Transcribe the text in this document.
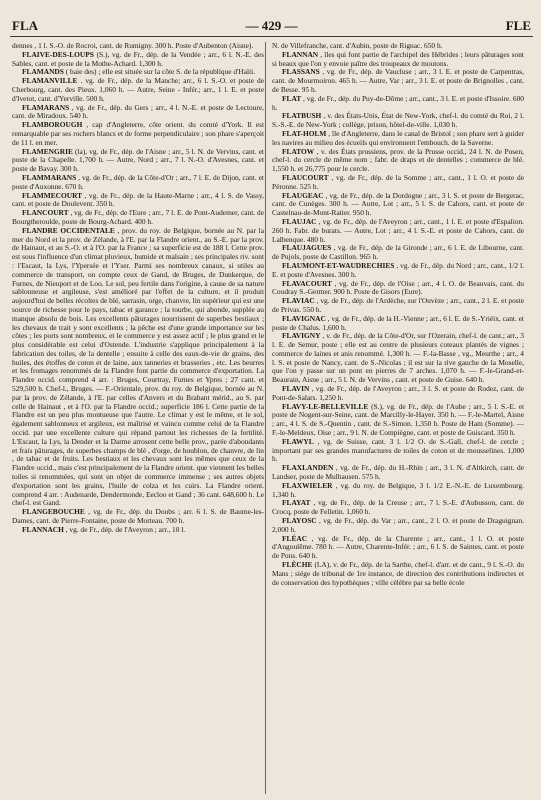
FLA	— 429 —	FLE

dennes , 1 l. S.-O. de Rocroi, cant. de Rumigny. 300 h. Poste d'Aubenton (Aisne).

FLAIVE-DES-LOUPS (S.), vg. de Fr., dép. de la Vendée ; arr., 6 l. N.-E. des Sables, cant. et poste de la Mothe-Achard. 1,300 h.

FLAMANDS ( baie des) ; elle est située sur la côte S. de la république d'Haïti.

FLAMANVILLE . vg. de Fr., dép. de la Manche; arr., 6 l. S.-O. et poste de Cherbourg, cant. des Pieux. 1,060 h. — Autre, Seine - Infér.; arr., 1 l. E. et poste d'Ivetot, cant. d'Yerville. 500 h.

FLAMARANS , vg. de Fr., dép. du Gers ; arr., 4 l. N.-E. et poste de Lectoure, cant. de Miradoux. 540 h.

FLAMBOROUGH , cap d'Angleterre, côte orient. du comté d'York. Il est remarquable par ses rochers blancs et de forme perpendiculaire ; son phare s'aperçoit de 11 l. en mer.

FLAMENGRIE (la), vg. de Fr., dép. de l'Aisne ; arr., 5 l. N. de Vervins, cant. et poste de la Chapelle. 1,700 h. — Autre, Nord ; arr., 7 l. N.-O. d'Avesnes, cant. et poste de Bavay. 300 h.

FLAMMARANS , vg. de Fr., dép. de la Côte-d'Or ; arr., 7 l. E. de Dijon, cant. et poste d'Auxonne. 670 h.

FLAMMECOURT , vg. de Fr., dép. de la Haute-Marne ; arr., 4 l. S. de Vassy, cant. et poste de Doulevent. 350 h.

FLANCOURT , vg. de Fr., dép. de l'Eure ; arr., 7 l. E. de Pont-Audemer, cant. de Bourgtheroulde, poste de Bourg-Achard. 400 h.

FLANDRE OCCIDENTALE , prov. du roy. de Belgique, bornée au N. par la mer du Nord et la prov. de Zélande, à l'E. par la Flandre orient., au S.-E. par la prov. de Hainaut, et au S.-O. et à l'O. par la France ; sa superficie est de 188 l. Cette prov. est sous l'influence d'un climat pluvieux, humide et malsain ; ses principales riv. sont : l'Escaut, la Lys, l'Ypersée et l'Yser. Parmi ses nombreux canaux, si utiles au commerce de transport, on compte ceux de Gand, de Bruges, de Dunkerque, de Furnes, de Nieuport et de Loo. Le sol, peu fertile dans l'origine, à cause de sa nature sablonneuse et argileuse, s'est amélioré par l'effet de la culture, et il produit aujourd'hui de belles récoltes de blé, sarrasin, orge, chanvre, lin supérieur qui est une source de richesse pour le pays, tabac et garance ; la tourbe, qui abonde, supplée au manque absolu de bois. Les excellents pâturages nourrissent de superbes bestiaux ; les chevaux de trait y sont excellents ; la pêche est d'une grande importance sur les côtes ; les ports sont nombreux, et le commerce y est assez actif ; le plus grand et le plus considérable est celui d'Ostende. L'industrie s'applique principalement à la fabrication des toiles, de la dentelle ; ensuite à celle des eaux-de-vie de grains, des huiles, des étoffes de coton et de laine, aux tanneries et brasseries , etc. Les beurres et les fromages renommés de la Flandre font partie du commerce d'exportation. La Flandre occid. comprend 4 arr. : Bruges, Courtray, Furnes et Ypres ; 27 cant. et 529,500 h. Chef-l., Bruges. — F.-Orientale, prov. du roy. de Belgique, bornée au N. par la prov. de Zélande, à l'E. par celles d'Anvers et du Brabant mérid., au S. par celle de Hainaut , et à l'O. par la Flandre occid.; superficie 186 l. Cette partie de la Flandre est un peu plus montueuse que l'autre. Le climat y est le même, et le sol, également sablonneux et argileux, est maîtrisé et vaincu comme celui de la Flandre occid. par une excellente culture qui répand partout les richesses de la fertilité. L'Escaut, la Lys, la Dender et la Darme arrosent cette belle prov., parée d'abondants et frais pâturages, de superbes champs de blé , d'orge, de houblon, de chanvre, de lin , de tabac et de fruits. Les bestiaux et les chevaux sont les mêmes que ceux de la Flandre occid., mais c'est principalement de la Flandre orient. que viennent les belles toiles si renommées, qui sont un objet de commerce immense ; ses autres objets d'exportation sont les grains, l'huile de colza et les cuirs. La Flandre orient. comprend 4 arr. : Audenarde, Dendermonde, Eecloo et Gand ; 36 cant. 648,600 h. Le chef-l. est Gand.

FLANGEBOUCHE , vg. de Fr., dép. du Doubs ; arr. 6 l. S. de Baume-les-Dames, cant. de Pierre-Fontaine, poste de Morteau. 700 h.

FLANNACH , vg. de Fr., dép. de l'Aveyron ; arr., 10 l.

N. de Villefranche, cant. d'Aubin, poste de Rignac. 650 h.

FLANNAN , îles qui font partie de l'archipel des Hébrides ; leurs pâturages sont si beaux que l'on y envoie paître des troupeaux de moutons.

FLASSANS , vg. de Fr., dép. de Vaucluse ; arr., 3 l. E. et poste de Carpentras, cant. de Mourmoiron. 465 h. — Autre, Var ; arr., 3 l. E. et poste de Brignolles , cant. de Besse. 95 h.

FLAT , vg. de Fr., dép. du Puy-de-Dôme ; arr., cant., 3 l. E. et poste d'Issoire. 600 h.

FLATBUSH , v. des États-Unis, État de New-York, chef-l. du comté du Roi, 2 l. S.-S.-E. de New-York ; collège, prison, hôtel-de-ville. 1,030 h.

FLAT-HOLM , île d'Angleterre, dans le canal de Bristol ; son phare sert à guider les navires au milieu des écueils qui environnent l'embouch. de la Saverne.

FLATOW , v. des États prussiens, prov. de la Prusse occid., 24 l. N. de Posen, chef-l. du cercle de même nom ; fabr. de draps et de dentelles ; commerce de blé. 1,550 h. et 26,775 pour le cercle.

FLAUCOURT , vg. de Fr., dép. de la Somme ; arr., cant., 1 l. O. et poste de Péronne. 525 h.

FLAUGEAC , vg. de Fr., dép. de la Dordogne ; arr., 3 l. S. et poste de Bergerac, cant. de Cunèges. 300 h. — Autre, Lot ; arr., 5 l. S. de Cahors, cant. et poste de Castelnau-de-Mont-Ratier. 950 h.

FLAUJAC , vg. de Fr., dép. de l'Aveyron ; arr., cant., 1 l. E. et poste d'Espalion. 260 h. Fabr. de burats. — Autre, Lot ; arr., 4 l. S.-E. et poste de Cahors, cant. de Lalbenque. 480 h.

FLAUJAGUES , vg. de Fr., dép. de la Gironde ; arr., 6 l. E. de Libourne, cant. de Pujols, poste de Castillon. 965 h.

FLAUMONT-ET-WAUDRECHIES , vg. de Fr., dép. du Nord ; arr., cant., 1/2 l. E. et poste d'Avesnes. 300 h.

FLAVACOURT , vg. de Fr., dép. de l'Oise ; arr., 4 l. O. de Beauvais, cant. du Coudray S.-Germer. 900 h. Poste de Gisors (Eure).

FLAVIAC , vg. de Fr., dép. de l'Ardèche, sur l'Ouvèze ; arr., cant., 2 l. E. et poste de Privas. 550 h.

FLAVIGNAC , vg. de Fr., dép. de la H.-Vienne ; arr., 6 l. E. de S.-Yriéix, cant. et poste de Chalus. 1,600 h.

FLAVIGNY , v. de Fr., dép. de la Côte-d'Or, sur l'Ozerain, chef-l. de cant.; arr., 3 l. E. de Semur, poste ; elle est au centre de plusieurs coteaux plantés de vignes ; commerce de laines et anis renommé. 1,300 h. — F.-la-Basse , vg., Meurthe ; arr., 4 l. S. et poste de Nancy, cant. de S.-Nicolas ; il est sur la rive gauche de la Moselle, que l'on y passe sur un pont en pierres de 7 arches. 1,070 h. — F.-le-Grand-et-Beaurain, Aisne ; arr., 5 l. N. de Vervins , cant. et poste de Guise. 640 h.

FLAVIN , vg. de Fr., dép. de l'Aveyron ; arr., 3 l. S. et poste de Rodez, cant. de Pont-de-Salars. 1,250 h.

FLAVY-LE-BELLEVILLE (S.), vg. de Fr., dép. de l'Aube ; arr., 5 l. S.-E. et poste de Nogent-sur-Seine, cant. de Marcilly-le-Hayer. 350 h. — F.-le-Martel, Aisne ; arr., 4 l. S. de S.-Quentin , cant. de S.-Simon. 1,350 h. Poste de Ham (Somme). — F.-le-Meldeux, Oise ; arr., 9 l. N. de Compiègne, cant. et poste de Guiscard. 350 h.

FLAWYL , vg. de Suisse, cant. 3 l. 1/2 O. de S.-Gall, chef-l. de cercle ; important par ses grandes manufactures de toiles de coton et de mousselines. 1,000 h.

FLAXLANDEN , vg. de Fr., dép. du H.-Rhin ; arr., 3 l. N. d'Altkirch, cant. de Landser, poste de Mulhausen. 575 h.

FLAXWIELER , vg. du roy. de Belgique, 3 l. 1/2 E.-N.-E. de Luxembourg. 1,340 h.

FLAYAT , vg. de Fr., dép. de la Creuse ; arr., 7 l. S.-E. d'Aubusson, cant. de Crocq, poste de Felletin. 1,060 h.

FLAYOSC , vg. de Fr., dép. du Var ; arr., cant., 2 l. O. et poste de Draguignan. 2,000 h.

FLÉAC , vg. de Fr., dép. de la Charente ; arr., cant., 1 l. O. et poste d'Angoulême. 780 h. — Autre, Charente-Infér. ; arr., 6 l. S. de Saintes, cant. et poste de Pons. 640 h.

FLÈCHE (LA), v. de Fr., dép. de la Sarthe, chef-l. d'arr. et de cant., 9 l. S.-O. du Mans ; siége de tribunal de 1re instance, de direction des contributions indirectes et de conservation des hypothèques ; ville célèbre par sa belle école
